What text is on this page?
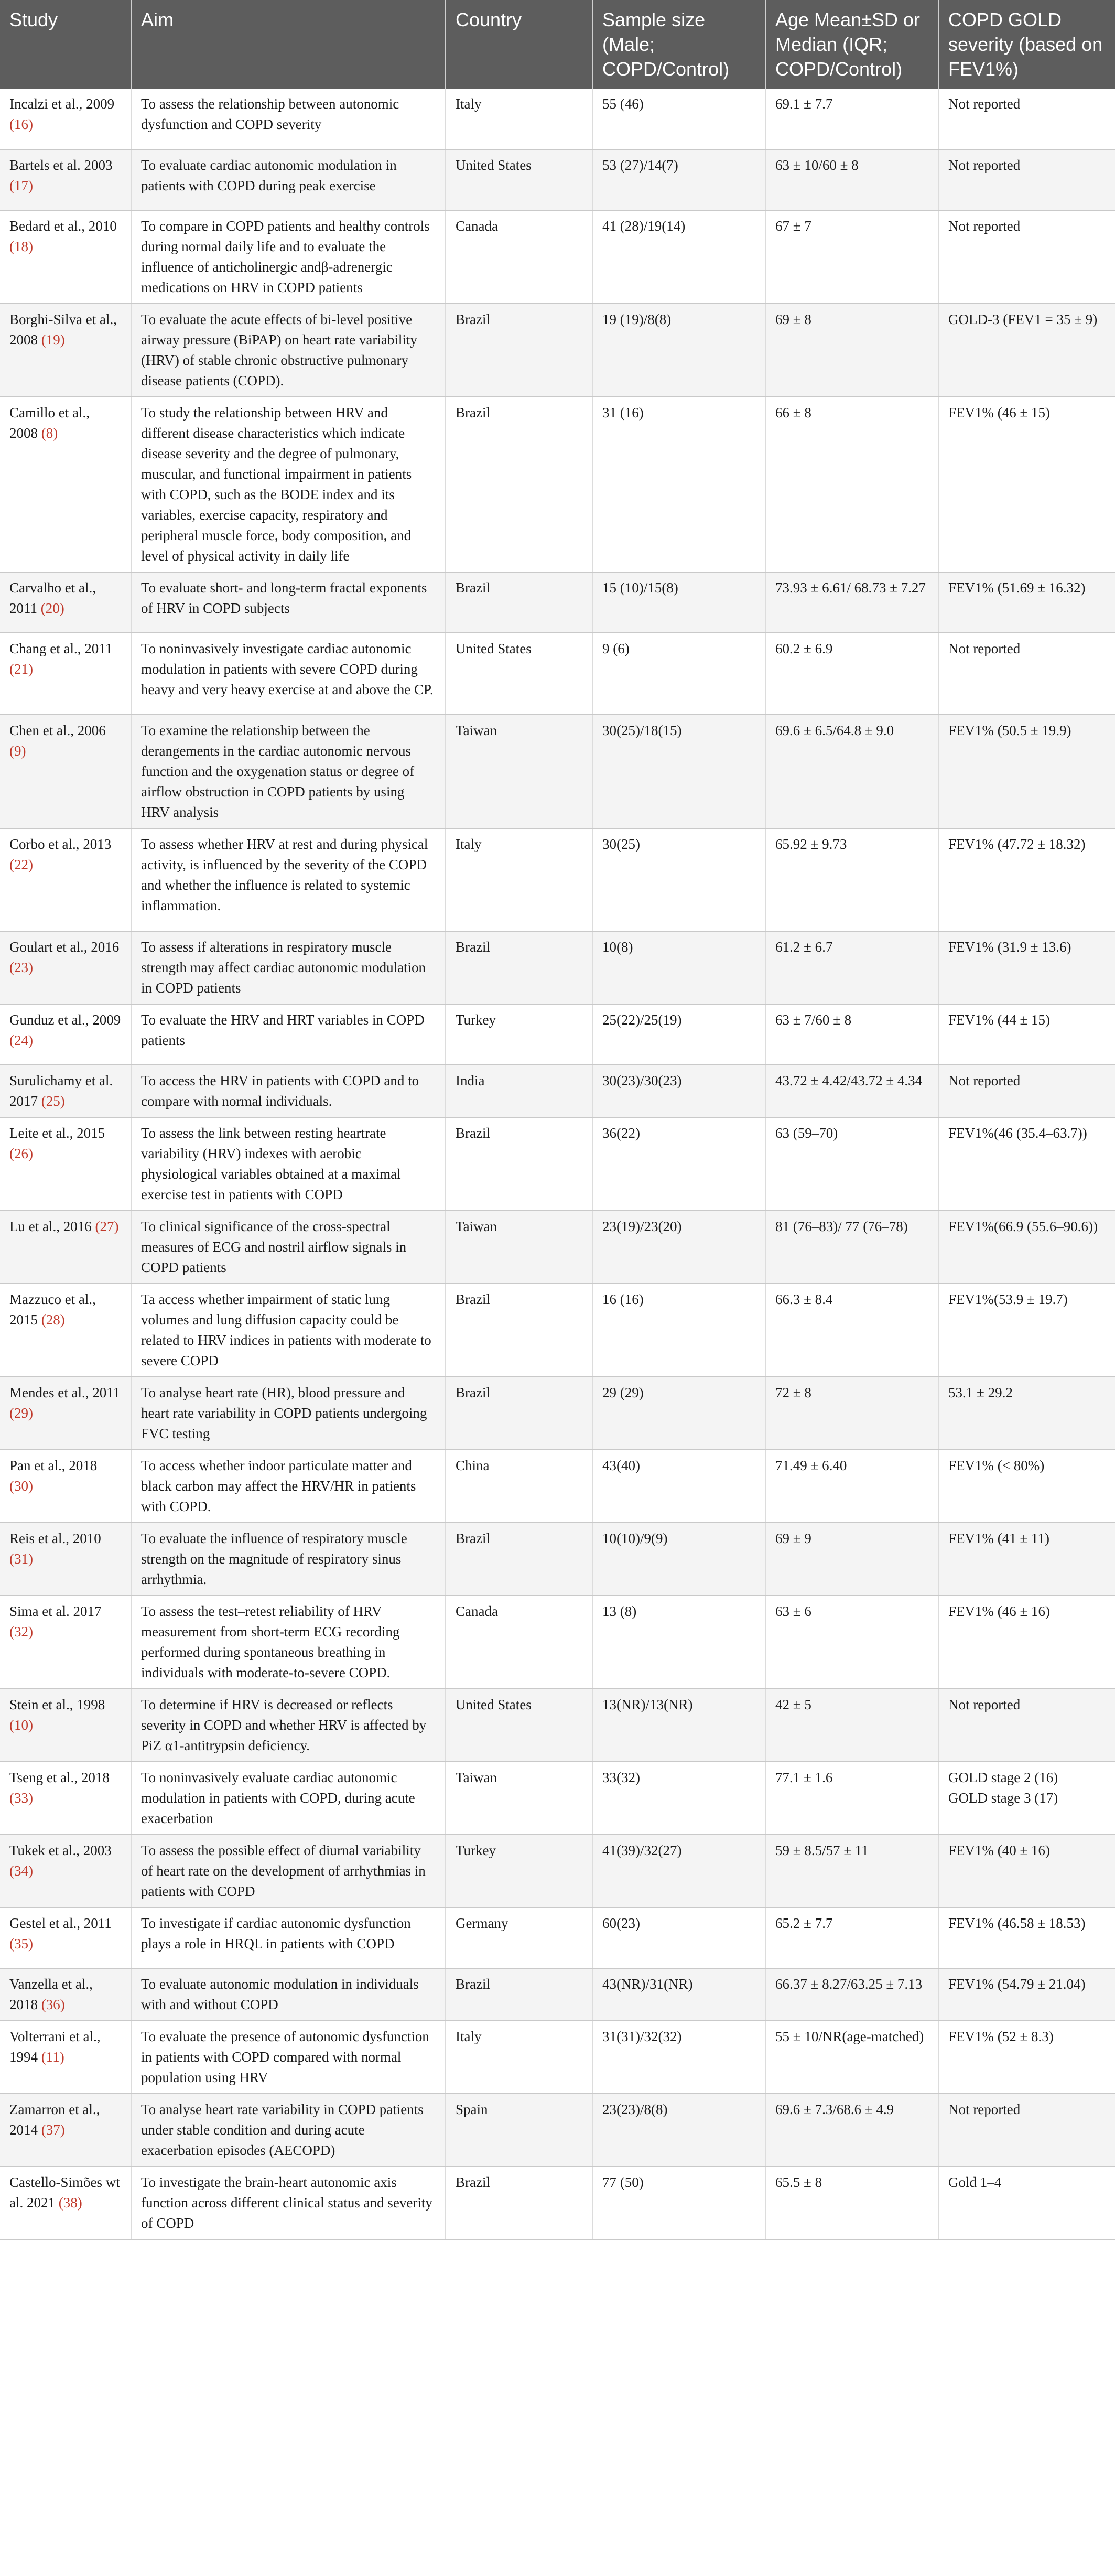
Study	Aim	Country	Sample size (Male; COPD/Control)	Age Mean±SD or Median (IQR; COPD/Control)	COPD GOLD severity (based on FEV1%)
Incalzi et al., 2009 (16)	To assess the relationship between autonomic dysfunction and COPD severity	Italy	55 (46)	69.1 ± 7.7	Not reported
Bartels et al. 2003 (17)	To evaluate cardiac autonomic modulation in patients with COPD during peak exercise	United States	53 (27)/14(7)	63 ± 10/60 ± 8	Not reported
Bedard et al., 2010 (18)	To compare in COPD patients and healthy controls during normal daily life and to evaluate the influence of anticholinergic andβ-adrenergic medications on HRV in COPD patients	Canada	41 (28)/19(14)	67 ± 7	Not reported
Borghi-Silva et al., 2008 (19)	To evaluate the acute effects of bi-level positive airway pressure (BiPAP) on heart rate variability (HRV) of stable chronic obstructive pulmonary disease patients (COPD).	Brazil	19 (19)/8(8)	69 ± 8	GOLD-3 (FEV1 = 35 ± 9)
Camillo et al., 2008 (8)	To study the relationship between HRV and different disease characteristics which indicate disease severity and the degree of pulmonary, muscular, and functional impairment in patients with COPD, such as the BODE index and its variables, exercise capacity, respiratory and peripheral muscle force, body composition, and level of physical activity in daily life	Brazil	31 (16)	66 ± 8	FEV1% (46 ± 15)
Carvalho et al., 2011 (20)	To evaluate short- and long-term fractal exponents of HRV in COPD subjects	Brazil	15 (10)/15(8)	73.93 ± 6.61/ 68.73 ± 7.27	FEV1% (51.69 ± 16.32)
Chang et al., 2011 (21)	To noninvasively investigate cardiac autonomic modulation in patients with severe COPD during heavy and very heavy exercise at and above the CP.	United States	9 (6)	60.2 ± 6.9	Not reported
Chen et al., 2006 (9)	To examine the relationship between the derangements in the cardiac autonomic nervous function and the oxygenation status or degree of airflow obstruction in COPD patients by using HRV analysis	Taiwan	30(25)/18(15)	69.6 ± 6.5/64.8 ± 9.0	FEV1% (50.5 ± 19.9)
Corbo et al., 2013 (22)	To assess whether HRV at rest and during physical activity, is influenced by the severity of the COPD and whether the influence is related to systemic inflammation.	Italy	30(25)	65.92 ± 9.73	FEV1% (47.72 ± 18.32)
Goulart et al., 2016 (23)	To assess if alterations in respiratory muscle strength may affect cardiac autonomic modulation in COPD patients	Brazil	10(8)	61.2 ± 6.7	FEV1% (31.9 ± 13.6)
Gunduz et al., 2009 (24)	To evaluate the HRV and HRT variables in COPD patients	Turkey	25(22)/25(19)	63 ± 7/60 ± 8	FEV1% (44 ± 15)
Surulichamy et al. 2017 (25)	To access the HRV in patients with COPD and to compare with normal individuals.	India	30(23)/30(23)	43.72 ± 4.42/43.72 ± 4.34	Not reported
Leite et al., 2015 (26)	To assess the link between resting heartrate variability (HRV) indexes with aerobic physiological variables obtained at a maximal exercise test in patients with COPD	Brazil	36(22)	63 (59–70)	FEV1%(46 (35.4–63.7))
Lu et al., 2016 (27)	To clinical significance of the cross-spectral measures of ECG and nostril airflow signals in COPD patients	Taiwan	23(19)/23(20)	81 (76–83)/ 77 (76–78)	FEV1%(66.9 (55.6–90.6))
Mazzuco et al., 2015 (28)	Ta access whether impairment of static lung volumes and lung diffusion capacity could be related to HRV indices in patients with moderate to severe COPD	Brazil	16 (16)	66.3 ± 8.4	FEV1%(53.9 ± 19.7)
Mendes et al., 2011 (29)	To analyse heart rate (HR), blood pressure and heart rate variability in COPD patients undergoing FVC testing	Brazil	29 (29)	72 ± 8	53.1 ± 29.2
Pan et al., 2018 (30)	To access whether indoor particulate matter and black carbon may affect the HRV/HR in patients with COPD.	China	43(40)	71.49 ± 6.40	FEV1% (< 80%)
Reis et al., 2010 (31)	To evaluate the influence of respiratory muscle strength on the magnitude of respiratory sinus arrhythmia.	Brazil	10(10)/9(9)	69 ± 9	FEV1% (41 ± 11)
Sima et al. 2017 (32)	To assess the test–retest reliability of HRV measurement from short-term ECG recording performed during spontaneous breathing in individuals with moderate-to-severe COPD.	Canada	13 (8)	63 ± 6	FEV1% (46 ± 16)
Stein et al., 1998 (10)	To determine if HRV is decreased or reflects severity in COPD and whether HRV is affected by PiZ α1-antitrypsin deficiency.	United States	13(NR)/13(NR)	42 ± 5	Not reported
Tseng et al., 2018 (33)	To noninvasively evaluate cardiac autonomic modulation in patients with COPD, during acute exacerbation	Taiwan	33(32)	77.1 ± 1.6	GOLD stage 2 (16)
GOLD stage 3 (17)
Tukek et al., 2003 (34)	To assess the possible effect of diurnal variability of heart rate on the development of arrhythmias in patients with COPD	Turkey	41(39)/32(27)	59 ± 8.5/57 ± 11	FEV1% (40 ± 16)
Gestel et al., 2011 (35)	To investigate if cardiac autonomic dysfunction plays a role in HRQL in patients with COPD	Germany	60(23)	65.2 ± 7.7	FEV1% (46.58 ± 18.53)
Vanzella et al., 2018 (36)	To evaluate autonomic modulation in individuals with and without COPD	Brazil	43(NR)/31(NR)	66.37 ± 8.27/63.25 ± 7.13	FEV1% (54.79 ± 21.04)
Volterrani et al., 1994 (11)	To evaluate the presence of autonomic dysfunction in patients with COPD compared with normal population using HRV	Italy	31(31)/32(32)	55 ± 10/NR(age-matched)	FEV1% (52 ± 8.3)
Zamarron et al., 2014 (37)	To analyse heart rate variability in COPD patients under stable condition and during acute exacerbation episodes (AECOPD)	Spain	23(23)/8(8)	69.6 ± 7.3/68.6 ± 4.9	Not reported
Castello-Simões wt al. 2021 (38)	To investigate the brain-heart autonomic axis function across different clinical status and severity of COPD	Brazil	77 (50)	65.5 ± 8	Gold 1–4
